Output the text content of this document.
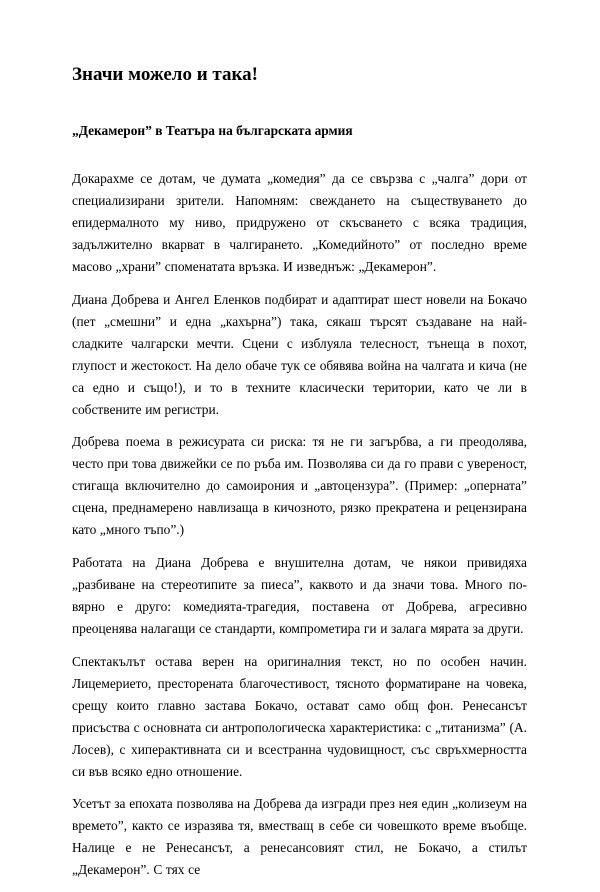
Значи можело и така!
„Декамерон” в Театъра на българската армия

Докарахме се дотам, че думата „комедия” да се свързва с „чалга” дори от специализирани зрители. Напомням: свеждането на съществуването до епидермалното му ниво, придружено от скъсването с всяка традиция, задължително вкарват в чалгирането. „Комедийното” от последно време масово „храни” споменатата връзка. И изведнъж: „Декамерон”.

Диана Добрева и Ангел Еленков подбират и адаптират шест новели на Бокачо (пет „смешни” и една „кахърна”) така, сякаш търсят създаване на най-сладките чалгарски мечти. Сцени с изблуяла телесност, тънеща в похот, глупост и жестокост. На дело обаче тук се обявява война на чалгата и кича (не са едно и също!), и то в техните класически територии, като че ли в собствените им регистри.

Добрева поема в режисурата си риска: тя не ги загърбва, а ги преодолява, често при това движейки се по ръба им. Позволява си да го прави с увереност, стигаща включително до самоирония и „автоцензура”. (Пример: „оперната” сцена, преднамерено навлизаща в кичозното, рязко прекратена и рецензирана като „много тъпо”.)

Работата на Диана Добрева е внушителна дотам, че някои привидяха „разбиване на стереотипите за пиеса”, каквото и да значи това. Много по-вярно е друго: комедията-трагедия, поставена от Добрева, агресивно преоценява налагащи се стандарти, компрометира ги и залага мярата за други.

Спектакълът остава верен на оригиналния текст, но по особен начин. Лицемерието, престорената благочестивост, тясното форматиране на човека, срещу които главно застава Бокачо, остават само общ фон. Ренесансът присъства с основната си антропологическа характеристика: с „титанизма” (А. Лосев), с хиперактивната си и всестранна чудовищност, със свръхмерността си във всяко едно отношение.

Усетът за епохата позволява на Добрева да изгради през нея един „колизеум на времето”, както се изразява тя, вместващ в себе си човешкото време въобще. Налице е не Ренесансът, а ренесансовият стил, не Бокачо, а стилът „Декамерон”. С тях се
